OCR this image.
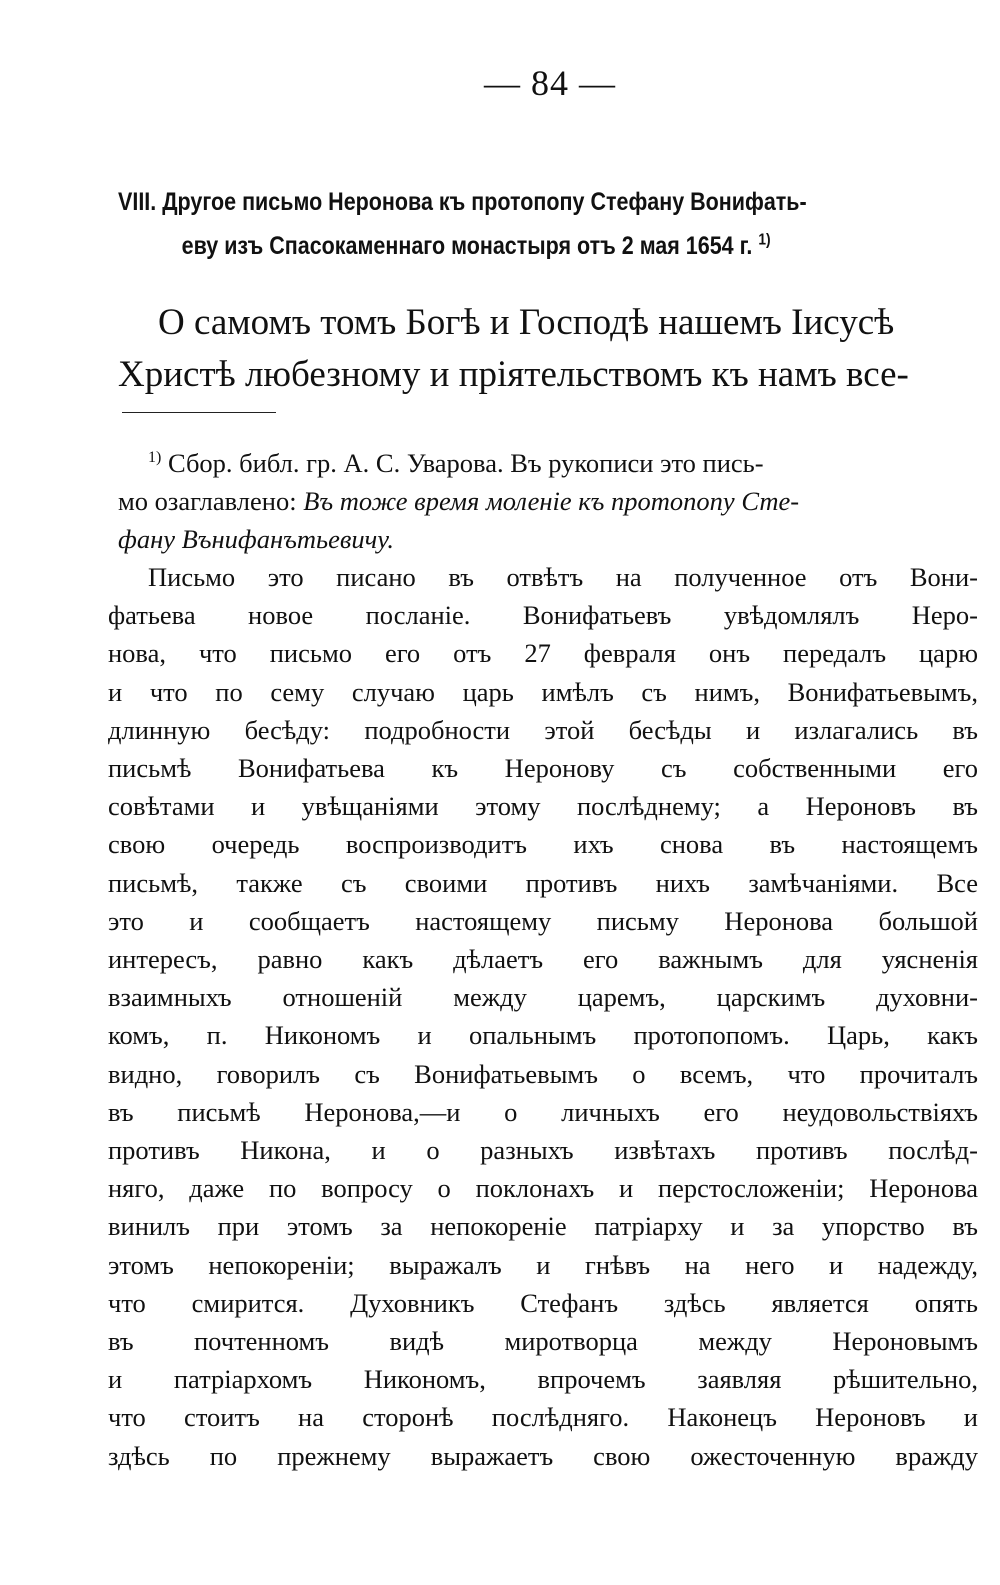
— 84 —
VIII. Другое письмо Неронова къ протопопу Стефану Вонифать-
еву изъ Спасокаменнаго монастыря отъ 2 мая 1654 г. $^{1)}$
О самомъ томъ Богѣ и Господѣ нашемъ Іисусѣ
Христѣ любезному и пріятельствомъ къ намъ все-
$^{1)}$ Сбор. библ. гр. А. С. Уварова. Въ рукописи это пись-
мо озаглавлено: Въ тоже время моленіе къ протопопу Сте-
фану Вънифанътьевичу.
Письмо это писано въ отвѣтъ на полученное отъ Вони-
фатьева новое посланіе. Вонифатьевъ увѣдомлялъ Неро-
нова, что письмо его отъ 27 февраля онъ передалъ царю
и что по сему случаю царь имѣлъ съ нимъ, Вонифатьевымъ,
длинную бесѣду: подробности этой бесѣды и излагались въ
письмѣ Вонифатьева къ Неронову съ собственными его
совѣтами и увѣщаніями этому послѣднему; а Нероновъ въ
свою очередь воспроизводитъ ихъ снова въ настоящемъ
письмѣ, также съ своими противъ нихъ замѣчаніями. Все
это и сообщаетъ настоящему письму Неронова большой
интересъ, равно какъ дѣлаетъ его важнымъ для уясненія
взаимныхъ отношеній между царемъ, царскимъ духовни-
комъ, п. Никономъ и опальнымъ протопопомъ. Царь, какъ
видно, говорилъ съ Вонифатьевымъ о всемъ, что прочиталъ
въ письмѣ Неронова,—и о личныхъ его неудовольствіяхъ
противъ Никона, и о разныхъ извѣтахъ противъ послѣд-
няго, даже по вопросу о поклонахъ и перстосложеніи; Неронова
винилъ при этомъ за непокореніе патріарху и за упорство въ
этомъ непокореніи; выражалъ и гнѣвъ на него и надежду,
что смирится. Духовникъ Стефанъ здѣсь является опять
въ почтенномъ видѣ миротворца между Нероновымъ
и патріархомъ Никономъ, впрочемъ заявляя рѣшительно,
что стоитъ на сторонѣ послѣдняго. Наконецъ Нероновъ и
здѣсь по прежнему выражаетъ свою ожесточенную вражду
